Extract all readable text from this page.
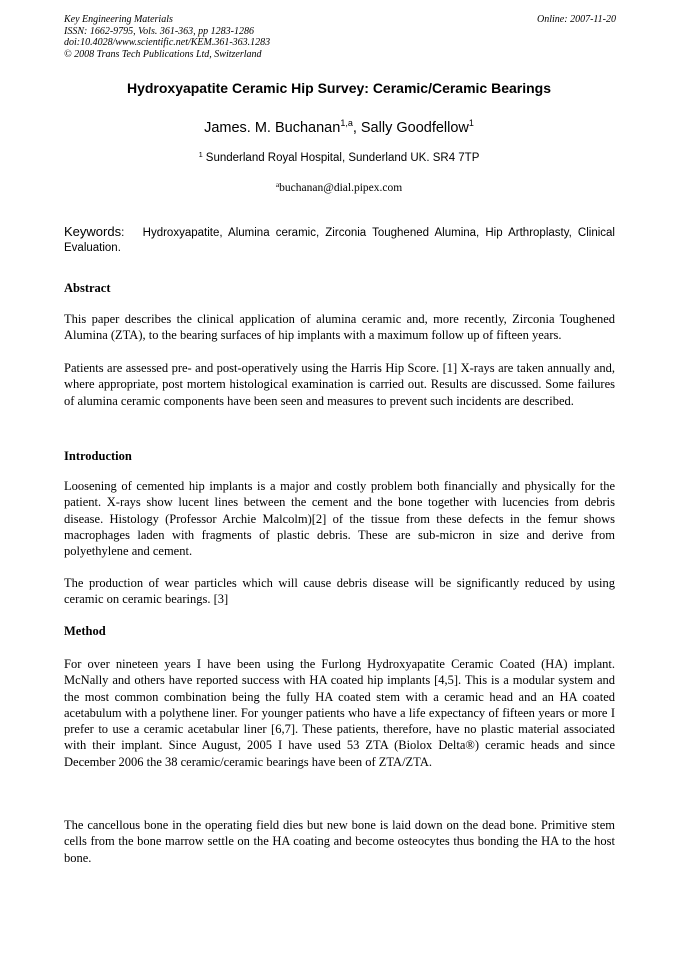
Key Engineering Materials
ISSN: 1662-9795, Vols. 361-363, pp 1283-1286
doi:10.4028/www.scientific.net/KEM.361-363.1283
© 2008 Trans Tech Publications Ltd, Switzerland
Online: 2007-11-20
Hydroxyapatite Ceramic Hip Survey: Ceramic/Ceramic Bearings
James. M. Buchanan$^{1,a}$, Sally Goodfellow$^1$
$^1$ Sunderland Royal Hospital, Sunderland UK. SR4 7TP
$^a$buchanan@dial.pipex.com
Keywords: Hydroxyapatite, Alumina ceramic, Zirconia Toughened Alumina, Hip Arthroplasty, Clinical Evaluation.
Abstract

This paper describes the clinical application of alumina ceramic and, more recently, Zirconia Toughened Alumina (ZTA), to the bearing surfaces of hip implants with a maximum follow up of fifteen years.

Patients are assessed pre- and post-operatively using the Harris Hip Score. [1] X-rays are taken annually and, where appropriate, post mortem histological examination is carried out. Results are discussed. Some failures of alumina ceramic components have been seen and measures to prevent such incidents are described.

Introduction

Loosening of cemented hip implants is a major and costly problem both financially and physically for the patient. X-rays show lucent lines between the cement and the bone together with lucencies from debris disease. Histology (Professor Archie Malcolm)[2] of the tissue from these defects in the femur shows macrophages laden with fragments of plastic debris. These are sub-micron in size and derive from polyethylene and cement.

The production of wear particles which will cause debris disease will be significantly reduced by using ceramic on ceramic bearings. [3]

Method

For over nineteen years I have been using the Furlong Hydroxyapatite Ceramic Coated (HA) implant. McNally and others have reported success with HA coated hip implants [4,5]. This is a modular system and the most common combination being the fully HA coated stem with a ceramic head and an HA coated acetabulum with a polythene liner. For younger patients who have a life expectancy of fifteen years or more I prefer to use a ceramic acetabular liner [6,7]. These patients, therefore, have no plastic material associated with their implant. Since August, 2005 I have used 53 ZTA (Biolox Delta®) ceramic heads and since December 2006 the 38 ceramic/ceramic bearings have been of ZTA/ZTA.

The cancellous bone in the operating field dies but new bone is laid down on the dead bone. Primitive stem cells from the bone marrow settle on the HA coating and become osteocytes thus bonding the HA to the host bone.
